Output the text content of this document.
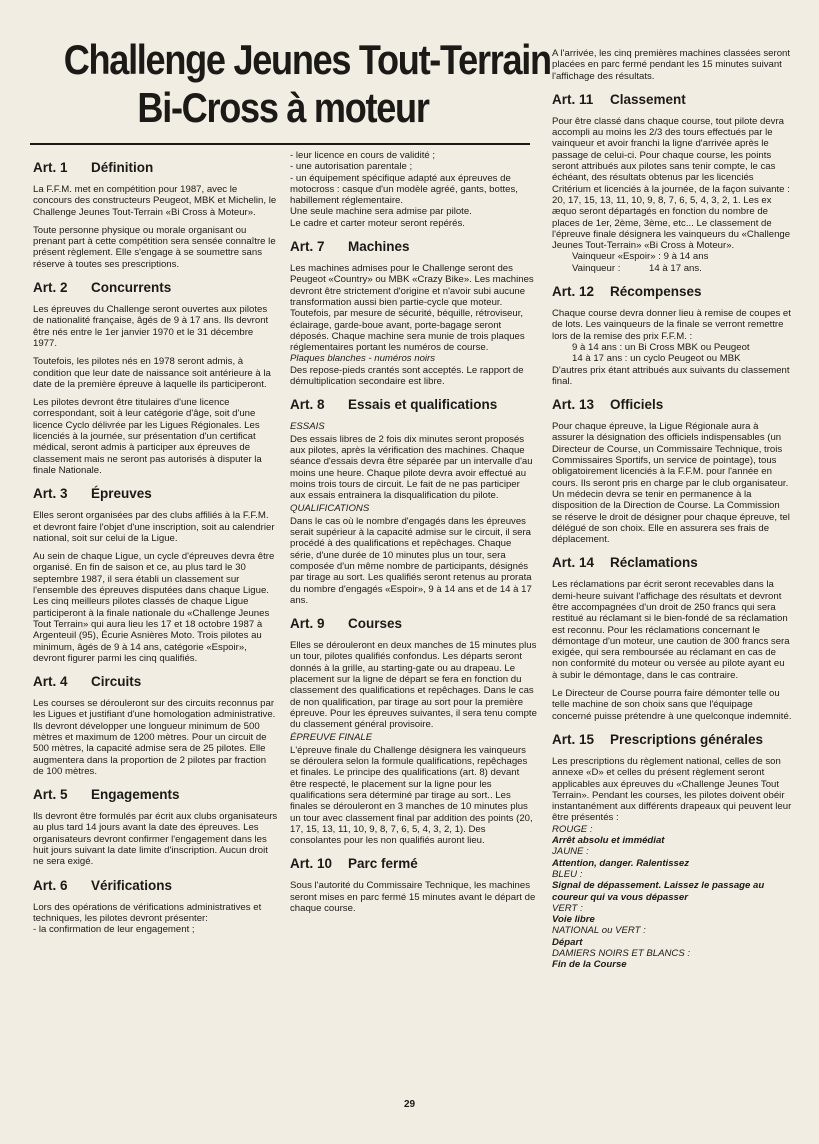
Challenge Jeunes Tout-Terrain
Bi-Cross à moteur
Art. 1	Définition

La F.F.M. met en compétition pour 1987, avec le concours des constructeurs Peugeot, MBK et Michelin, le Challenge Jeunes Tout-Terrain «Bi Cross à Moteur».

Toute personne physique ou morale organisant ou prenant part à cette compétition sera sensée connaître le présent règlement. Elle s'engage à se soumettre sans réserve à toutes ses prescriptions.

Art. 2	Concurrents

Les épreuves du Challenge seront ouvertes aux pilotes de nationalité française, âgés de 9 à 17 ans. Ils devront être nés entre le 1er janvier 1970 et le 31 décembre 1977.

Toutefois, les pilotes nés en 1978 seront admis, à condition que leur date de naissance soit antérieure à la date de la première épreuve à laquelle ils participeront.

Les pilotes devront être titulaires d'une licence correspondant, soit à leur catégorie d'âge, soit d'une licence Cyclo délivrée par les Ligues Régionales. Les licenciés à la journée, sur présentation d'un certificat médical, seront admis à participer aux épreuves de classement mais ne seront pas autorisés à disputer la finale Nationale.

Art. 3	Épreuves

Elles seront organisées par des clubs affiliés à la F.F.M. et devront faire l'objet d'une inscription, soit au calendrier national, soit sur celui de la Ligue.

Au sein de chaque Ligue, un cycle d'épreuves devra être organisé. En fin de saison et ce, au plus tard le 30 septembre 1987, il sera établi un classement sur l'ensemble des épreuves disputées dans chaque Ligue. Les cinq meilleurs pilotes classés de chaque Ligue participeront à la finale nationale du «Challenge Jeunes Tout Terrain» qui aura lieu les 17 et 18 octobre 1987 à Argenteuil (95), Écurie Asnières Moto. Trois pilotes au minimum, âgés de 9 à 14 ans, catégorie «Espoir», devront figurer parmi les cinq qualifiés.

Art. 4	Circuits

Les courses se dérouleront sur des circuits reconnus par les Ligues et justifiant d'une homologation administrative. Ils devront développer une longueur minimum de 500 mètres et maximum de 1200 mètres. Pour un circuit de 500 mètres, la capacité admise sera de 25 pilotes. Elle augmentera dans la proportion de 2 pilotes par fraction de 100 mètres.

Art. 5	Engagements

Ils devront être formulés par écrit aux clubs organisateurs au plus tard 14 jours avant la date des épreuves. Les organisateurs devront confirmer l'engagement dans les huit jours suivant la date limite d'inscription. Aucun droit ne sera exigé.

Art. 6	Vérifications

Lors des opérations de vérifications administratives et techniques, les pilotes devront présenter:

- la confirmation de leur engagement ;
- leur licence en cours de validité ;
- une autorisation parentale ;
- un équipement spécifique adapté aux épreuves de motocross : casque d'un modèle agréé, gants, bottes, habillement réglementaire.
Une seule machine sera admise par pilote.
Le cadre et carter moteur seront repérés.
Art. 7	Machines

Les machines admises pour le Challenge seront des Peugeot «Country» ou MBK «Crazy Bike». Les machines devront être strictement d'origine et n'avoir subi aucune transformation aussi bien partie-cycle que moteur. Toutefois, par mesure de sécurité, béquille, rétroviseur, éclairage, garde-boue avant, porte-bagage seront déposés. Chaque machine sera munie de trois plaques réglementaires portant les numéros de course.

Plaques blanches - numéros noirs

Des repose-pieds crantés sont acceptés. Le rapport de démultiplication secondaire est libre.

Art. 8	Essais et qualifications
ESSAIS

Des essais libres de 2 fois dix minutes seront proposés aux pilotes, après la vérification des machines. Chaque séance d'essais devra être séparée par un intervalle d'au moins une heure. Chaque pilote devra avoir effectué au moins trois tours de circuit. Le fait de ne pas participer aux essais entrainera la disqualification du pilote.

QUALIFICATIONS

Dans le cas où le nombre d'engagés dans les épreuves serait supérieur à la capacité admise sur le circuit, il sera procédé à des qualifications et repêchages. Chaque série, d'une durée de 10 minutes plus un tour, sera composée d'un même nombre de participants, désignés par tirage au sort. Les qualifiés seront retenus au prorata du nombre d'engagés «Espoir», 9 à 14 ans et de 14 à 17 ans.

Art. 9	Courses

Elles se dérouleront en deux manches de 15 minutes plus un tour, pilotes qualifiés confondus. Les départs seront donnés à la grille, au starting-gate ou au drapeau. Le placement sur la ligne de départ se fera en fonction du classement des qualifications et repêchages. Dans le cas de non qualification, par tirage au sort pour la première épreuve. Pour les épreuves suivantes, il sera tenu compte du classement général provisoire.

ÉPREUVE FINALE

L'épreuve finale du Challenge désignera les vainqueurs se déroulera selon la formule qualifications, repêchages et finales. Le principe des qualifications (art. 8) devant être respecté, le placement sur la ligne pour les qualifications sera déterminé par tirage au sort.. Les finales se dérouleront en 3 manches de 10 minutes plus un tour avec classement final par addition des points (20, 17, 15, 13, 11, 10, 9, 8, 7, 6, 5, 4, 3, 2, 1). Des consolantes pour les non qualifiés auront lieu.

Art. 10	Parc fermé

Sous l'autorité du Commissaire Technique, les machines seront mises en parc fermé 15 minutes avant le départ de chaque course.

A l'arrivée, les cinq premières machines classées seront placées en parc fermé pendant les 15 minutes suivant l'affichage des résultats.

Art. 11	Classement

Pour être classé dans chaque course, tout pilote devra accompli au moins les 2/3 des tours effectués par le vainqueur et avoir franchi la ligne d'arrivée après le passage de celui-ci. Pour chaque course, les points seront attribués aux pilotes sans tenir compte, le cas échéant, des résultats obtenus par les licenciés Critérium et licenciés à la journée, de la façon suivante : 20, 17, 15, 13, 11, 10, 9, 8, 7, 6, 5, 4, 3, 2, 1. Les ex æquo seront départagés en fonction du nombre de places de 1er, 2ème, 3ème, etc... Le classement de l'épreuve finale désignera les vainqueurs du «Challenge Jeunes Tout-Terrain» «Bi Cross à Moteur».

Vainqueur «Espoir» : 9 à 14 ans
Vainqueur :	14 à 17 ans.
Art. 12	Récompenses

Chaque course devra donner lieu à remise de coupes et de lots. Les vainqueurs de la finale se verront remettre lors de la remise des prix F.F.M. :

9 à 14 ans : un Bi Cross MBK ou Peugeot
14 à 17 ans : un cyclo Peugeot ou MBK

D'autres prix étant attribués aux suivants du classement final.

Art. 13	Officiels

Pour chaque épreuve, la Ligue Régionale aura à assurer la désignation des officiels indispensables (un Directeur de Course, un Commissaire Technique, trois Commissaires Sportifs, un service de pointage), tous obligatoirement licenciés à la F.F.M. pour l'année en cours. Ils seront pris en charge par le club organisateur. Un médecin devra se tenir en permanence à la disposition de la Direction de Course. La Commission se réserve le droit de désigner pour chaque épreuve, tel délégué de son choix. Elle en assurera ses frais de déplacement.

Art. 14	Réclamations

Les réclamations par écrit seront recevables dans la demi-heure suivant l'affichage des résultats et devront être accompagnées d'un droit de 250 francs qui sera restitué au réclamant si le bien-fondé de sa réclamation est reconnu. Pour les réclamations concernant le démontage d'un moteur, une caution de 300 francs sera exigée, qui sera remboursée au réclamant en cas de non conformité du moteur ou versée au pilote ayant eu à subir le démontage, dans le cas contraire.

Le Directeur de Course pourra faire démonter telle ou telle machine de son choix sans que l'équipage concerné puisse prétendre à une quelconque indemnité.

Art. 15	Prescriptions générales

Les prescriptions du règlement national, celles de son annexe «D» et celles du présent règlement seront applicables aux épreuves du «Challenge Jeunes Tout Terrain». Pendant les courses, les pilotes doivent obéir instantanément aux différents drapeaux qui peuvent leur être présentés :

ROUGE :
Arrêt absolu et immédiat
JAUNE :
Attention, danger. Ralentissez
BLEU :
Signal de dépassement. Laissez le passage au coureur qui va vous dépasser
VERT :
Voie libre
NATIONAL ou VERT :
Départ
DAMIERS NOIRS ET BLANCS :
Fin de la Course
29
